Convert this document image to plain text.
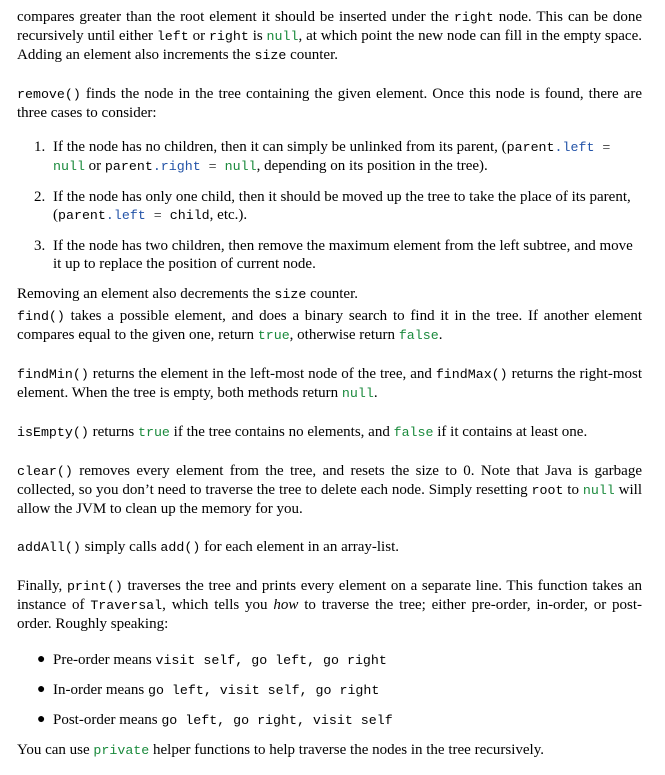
compares greater than the root element it should be inserted under the right node. This can be done recursively until either left or right is null, at which point the new node can fill in the empty space. Adding an element also increments the size counter.

remove() finds the node in the tree containing the given element. Once this node is found, there are three cases to consider:

1. If the node has no children, then it can simply be unlinked from its parent, (parent.left = null or parent.right = null, depending on its position in the tree).
2. If the node has only one child, then it should be moved up the tree to take the place of its parent, (parent.left = child, etc.).
3. If the node has two children, then remove the maximum element from the left subtree, and move it up to replace the position of current node.

Removing an element also decrements the size counter.

find() takes a possible element, and does a binary search to find it in the tree. If another element compares equal to the given one, return true, otherwise return false.

findMin() returns the element in the left-most node of the tree, and findMax() returns the right-most element. When the tree is empty, both methods return null.

isEmpty() returns true if the tree contains no elements, and false if it contains at least one.

clear() removes every element from the tree, and resets the size to 0. Note that Java is garbage collected, so you don’t need to traverse the tree to delete each node. Simply resetting root to null will allow the JVM to clean up the memory for you.

addAll() simply calls add() for each element in an array-list.

Finally, print() traverses the tree and prints every element on a separate line. This function takes an instance of Traversal, which tells you how to traverse the tree; either pre-order, in-order, or post-order. Roughly speaking:

● Pre-order means visit self, go left, go right
● In-order means go left, visit self, go right
● Post-order means go left, go right, visit self

You can use private helper functions to help traverse the nodes in the tree recursively.
